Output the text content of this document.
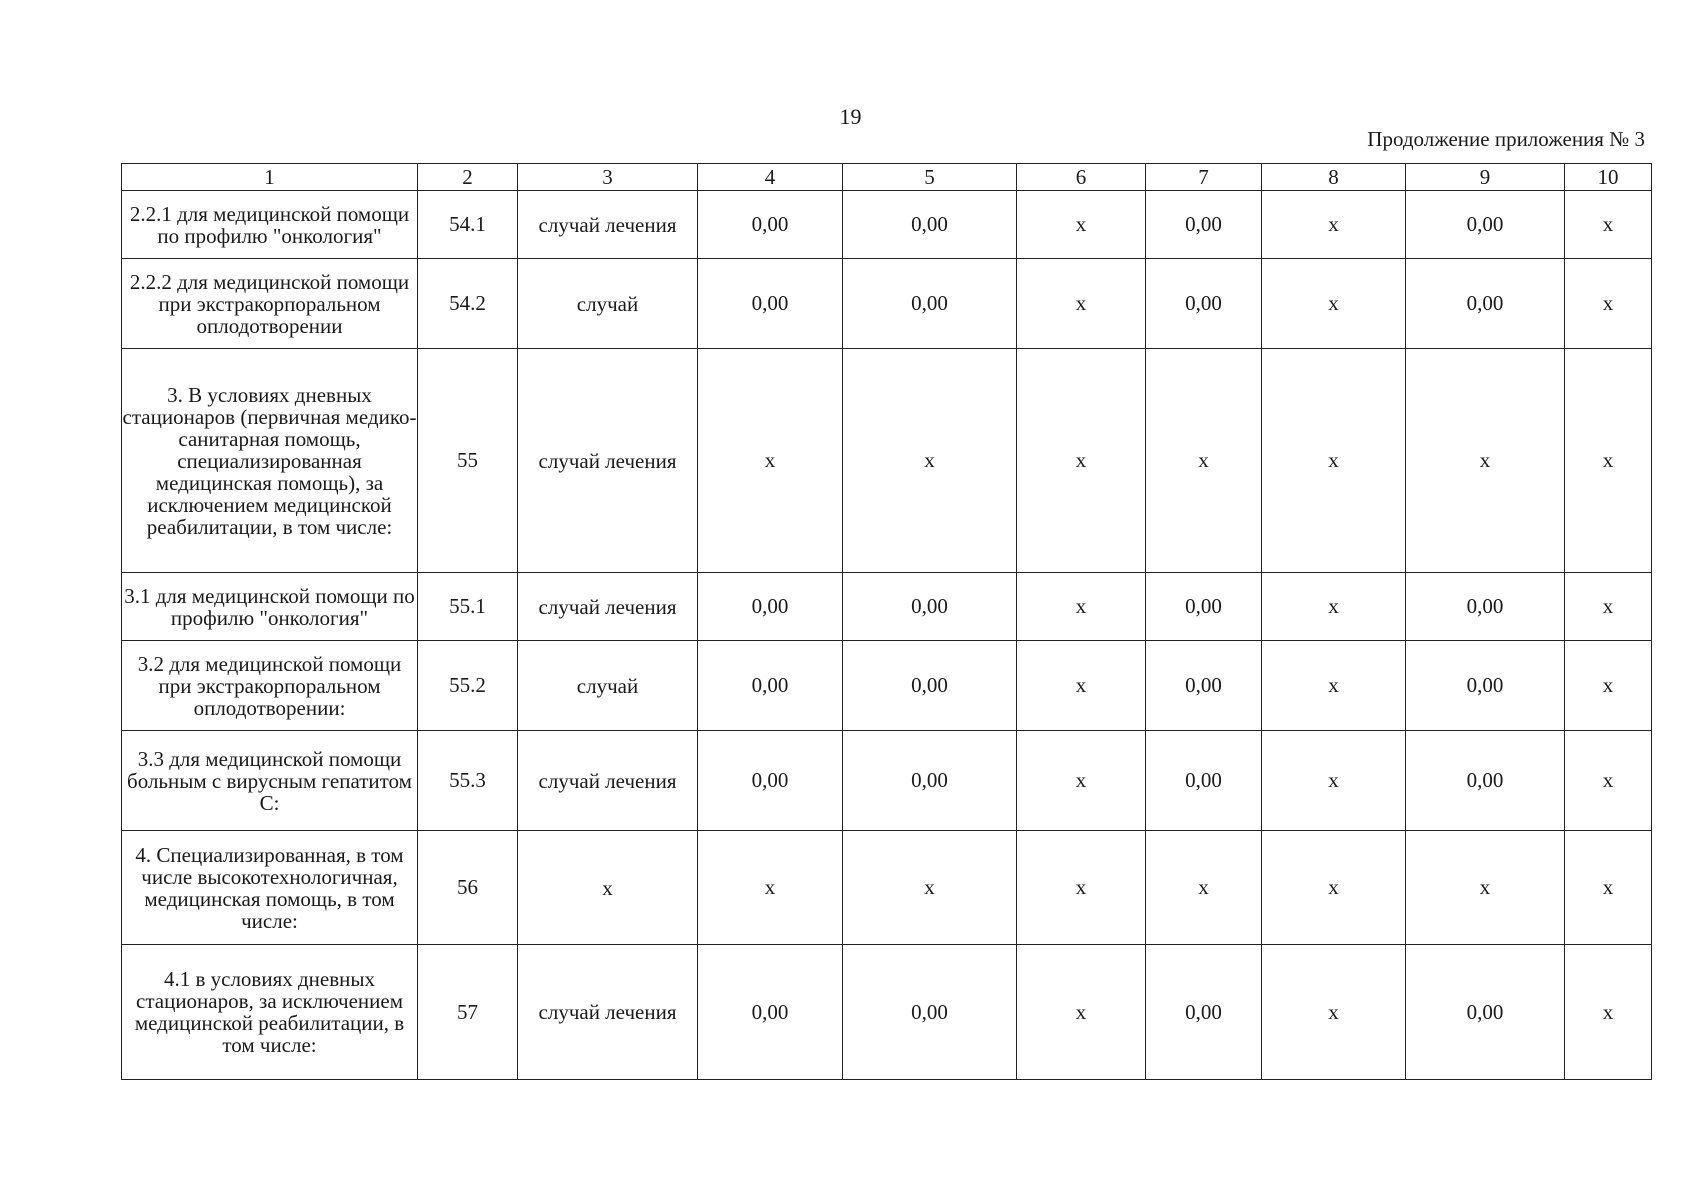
19
Продолжение приложения № 3
1	2	3	4	5	6	7	8	9	10
2.2.1 для медицинской помощи по профилю "онкология"	54.1	случай лечения	0,00	0,00	х	0,00	х	0,00	х
2.2.2 для медицинской помощи при экстракорпоральном оплодотворении	54.2	случай	0,00	0,00	х	0,00	х	0,00	х
3. В условиях дневных стационаров (первичная медико-санитарная помощь, специализированная медицинская помощь), за исключением медицинской реабилитации, в том числе:	55	случай лечения	х	х	х	х	х	х	х
3.1 для медицинской помощи по профилю "онкология"	55.1	случай лечения	0,00	0,00	х	0,00	х	0,00	х
3.2 для медицинской помощи при экстракорпоральном оплодотворении:	55.2	случай	0,00	0,00	х	0,00	х	0,00	х
3.3 для медицинской помощи больным с вирусным гепатитом С:	55.3	случай лечения	0,00	0,00	х	0,00	х	0,00	х
4. Специализированная, в том числе высокотехнологичная, медицинская помощь, в том числе:	56	х	х	х	х	х	х	х	х
4.1 в условиях дневных стационаров, за исключением медицинской реабилитации, в том числе:	57	случай лечения	0,00	0,00	х	0,00	х	0,00	х
